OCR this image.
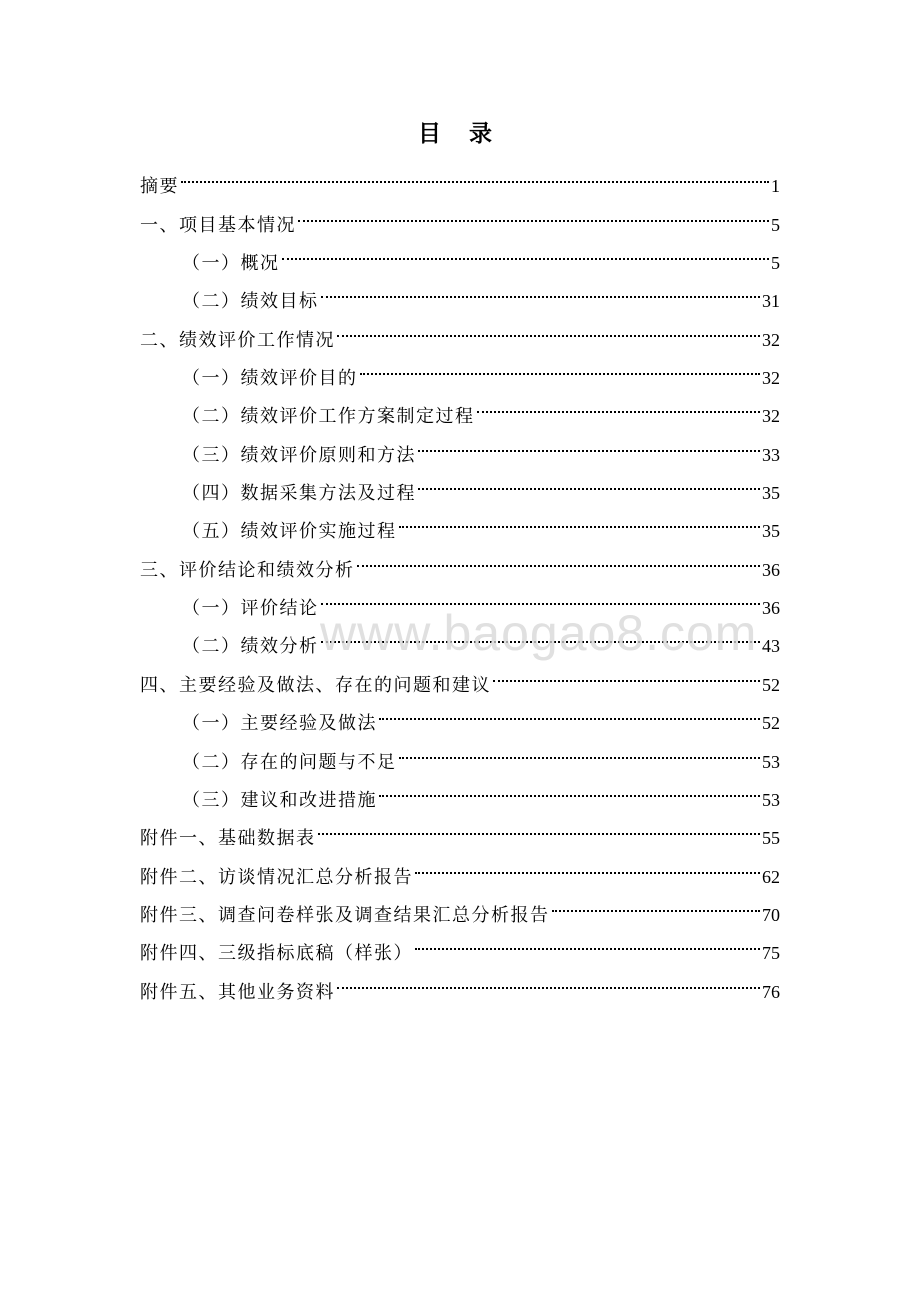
目 录
摘要	1
一、项目基本情况	5
（一）概况	5
（二）绩效目标	31
二、绩效评价工作情况	32
（一）绩效评价目的	32
（二）绩效评价工作方案制定过程	32
（三）绩效评价原则和方法	33
（四）数据采集方法及过程	35
（五）绩效评价实施过程	35
三、评价结论和绩效分析	36
（一）评价结论	36
（二）绩效分析	43
四、主要经验及做法、存在的问题和建议	52
（一）主要经验及做法	52
（二）存在的问题与不足	53
（三）建议和改进措施	53
附件一、基础数据表	55
附件二、访谈情况汇总分析报告	62
附件三、调查问卷样张及调查结果汇总分析报告	70
附件四、三级指标底稿（样张）	75
附件五、其他业务资料	76
www.baogao8.com
